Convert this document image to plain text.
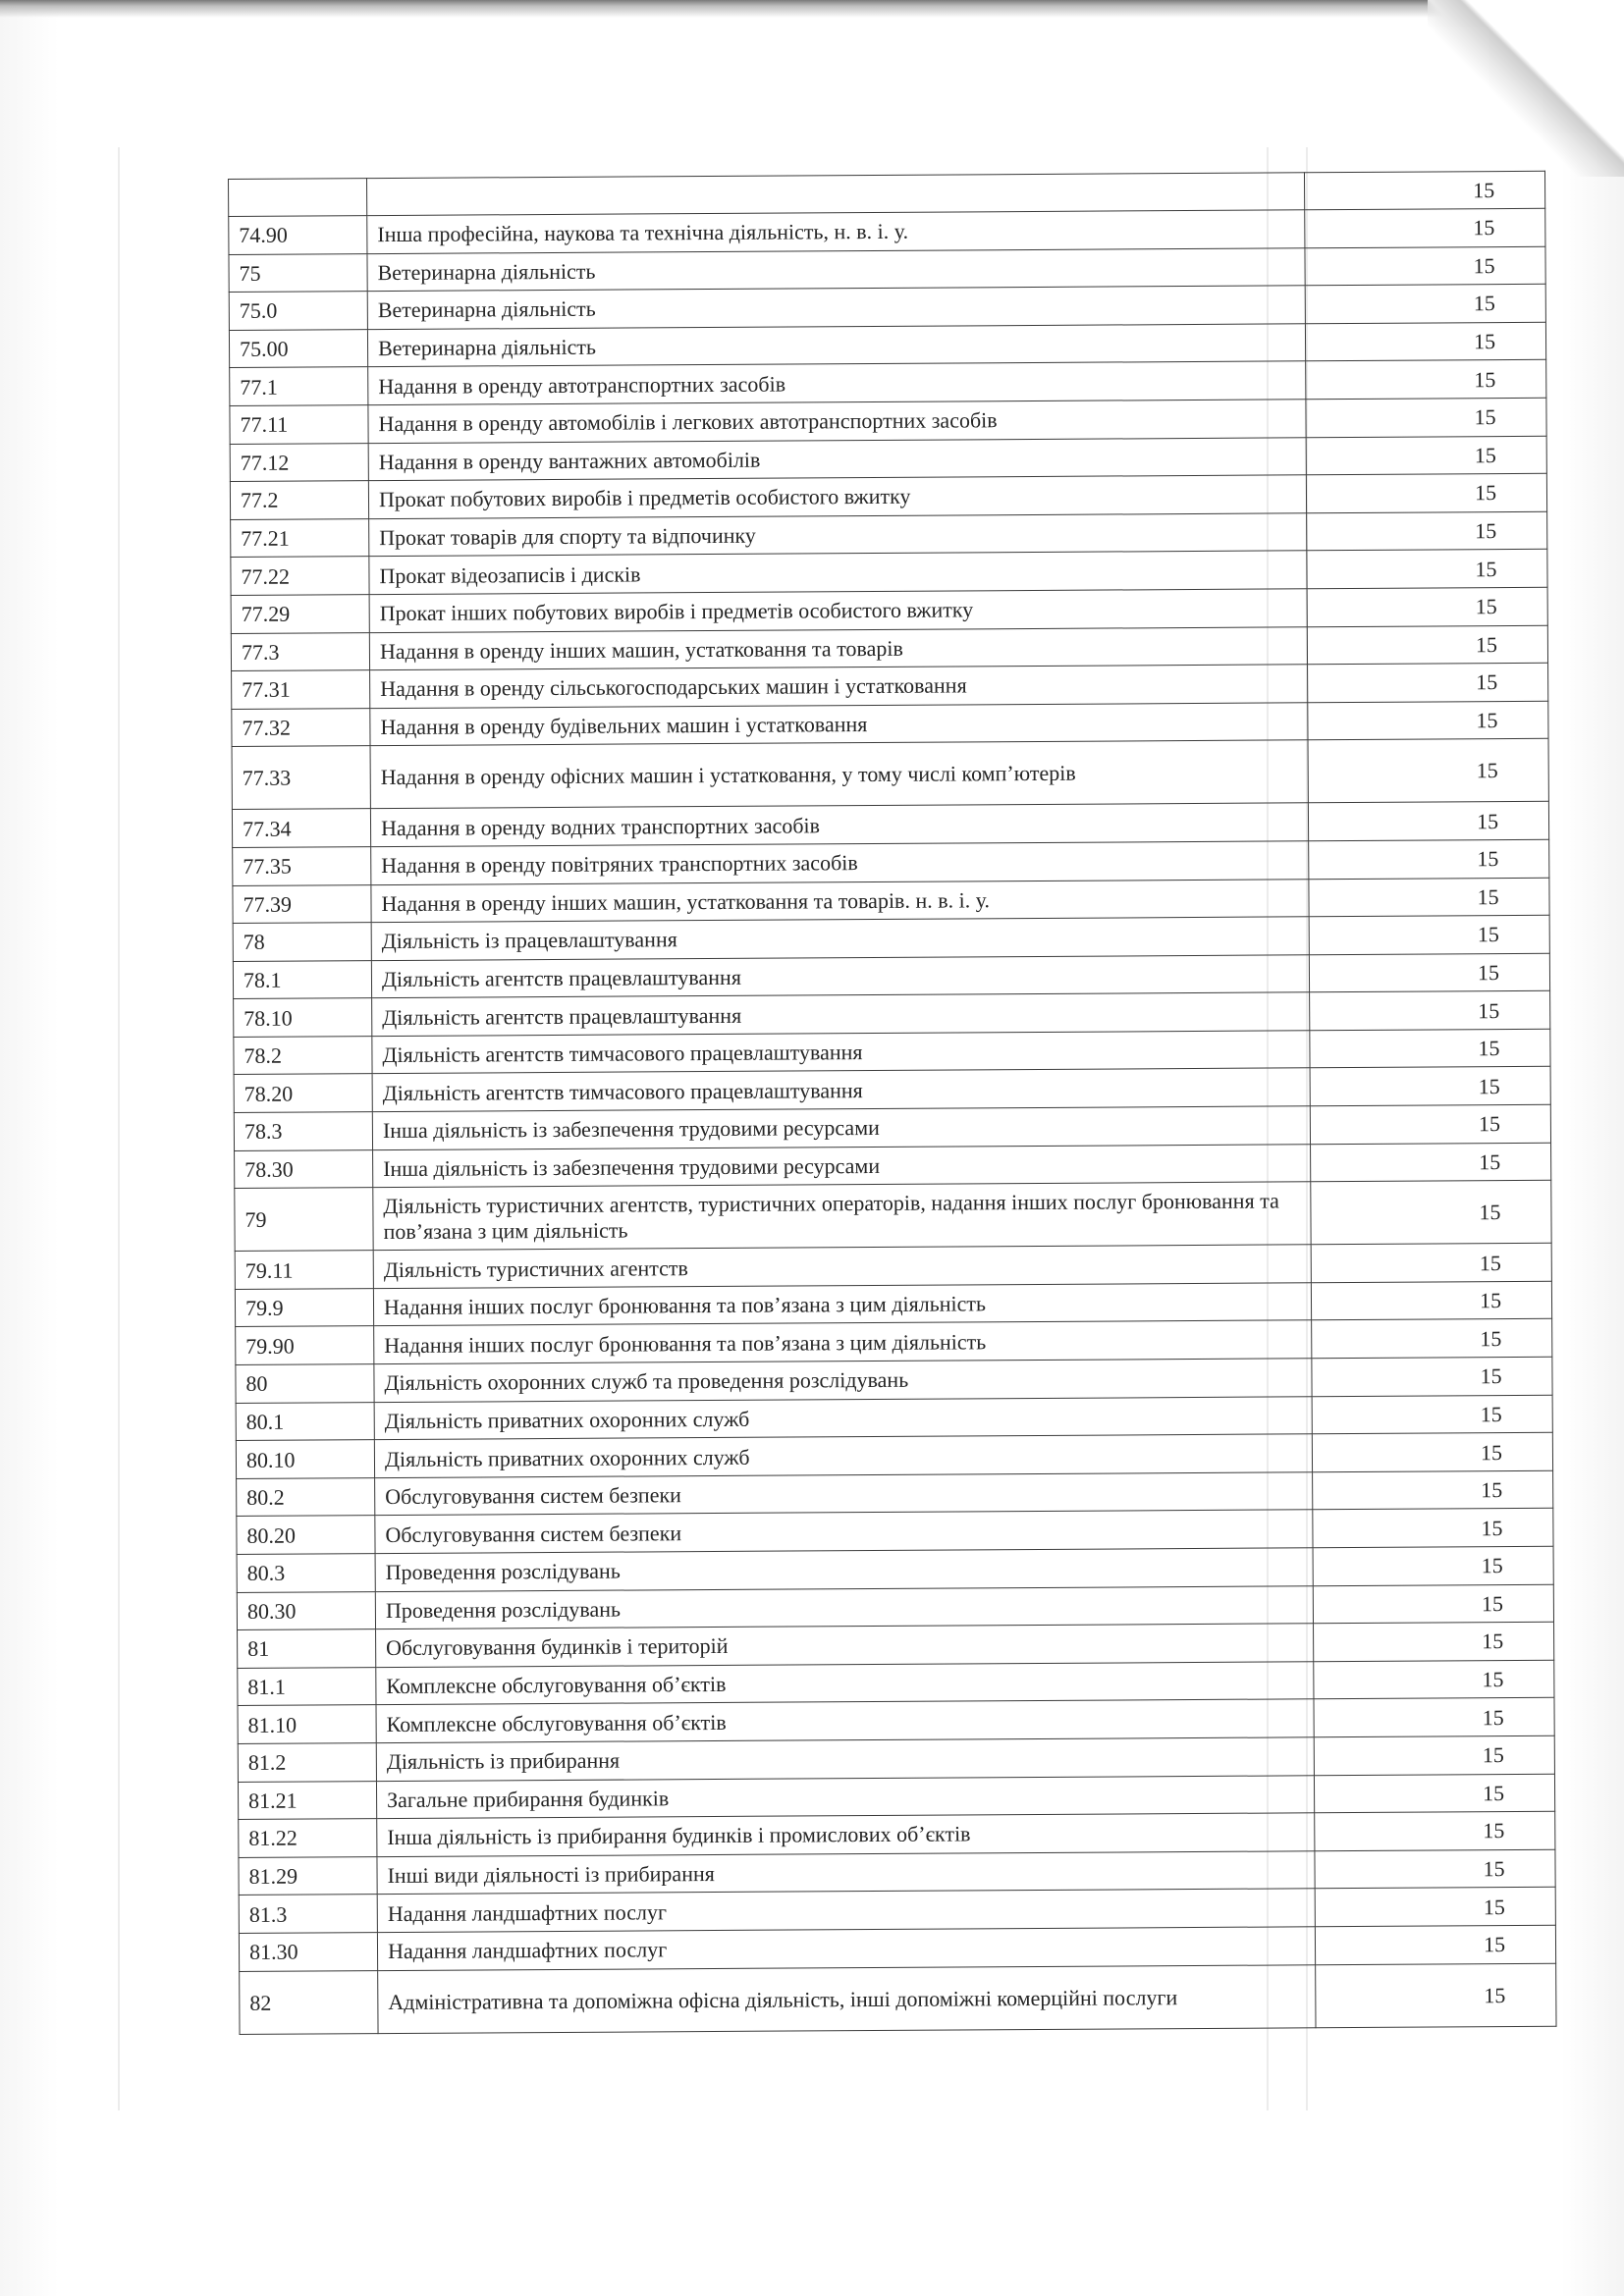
		15
74.90	Інша професійна, наукова та технічна діяльність, н. в. і. у.	15
75	Ветеринарна діяльність	15
75.0	Ветеринарна діяльність	15
75.00	Ветеринарна діяльність	15
77.1	Надання в оренду автотранспортних засобів	15
77.11	Надання в оренду автомобілів і легкових автотранспортних засобів	15
77.12	Надання в оренду вантажних автомобілів	15
77.2	Прокат побутових виробів і предметів особистого вжитку	15
77.21	Прокат товарів для спорту та відпочинку	15
77.22	Прокат відеозаписів і дисків	15
77.29	Прокат інших побутових виробів і предметів особистого вжитку	15
77.3	Надання в оренду інших машин, устатковання та товарів	15
77.31	Надання в оренду сільськогосподарських машин і устатковання	15
77.32	Надання в оренду будівельних машин і устатковання	15
77.33	Надання в оренду офісних машин і устатковання, у тому числі комп’ютерів	15
77.34	Надання в оренду водних транспортних засобів	15
77.35	Надання в оренду повітряних транспортних засобів	15
77.39	Надання в оренду інших машин, устатковання та товарів. н. в. і. у.	15
78	Діяльність із працевлаштування	15
78.1	Діяльність агентств працевлаштування	15
78.10	Діяльність агентств працевлаштування	15
78.2	Діяльність агентств тимчасового працевлаштування	15
78.20	Діяльність агентств тимчасового працевлаштування	15
78.3	Інша діяльність із забезпечення трудовими ресурсами	15
78.30	Інша діяльність із забезпечення трудовими ресурсами	15
79	Діяльність туристичних агентств, туристичних операторів, надання інших послуг бронювання та пов’язана з цим діяльність	15
79.11	Діяльність туристичних агентств	15
79.9	Надання інших послуг бронювання та пов’язана з цим діяльність	15
79.90	Надання інших послуг бронювання та пов’язана з цим діяльність	15
80	Діяльність охоронних служб та проведення розслідувань	15
80.1	Діяльність приватних охоронних служб	15
80.10	Діяльність приватних охоронних служб	15
80.2	Обслуговування систем безпеки	15
80.20	Обслуговування систем безпеки	15
80.3	Проведення розслідувань	15
80.30	Проведення розслідувань	15
81	Обслуговування будинків і територій	15
81.1	Комплексне обслуговування об’єктів	15
81.10	Комплексне обслуговування об’єктів	15
81.2	Діяльність із прибирання	15
81.21	Загальне прибирання будинків	15
81.22	Інша діяльність із прибирання будинків і промислових об’єктів	15
81.29	Інші види діяльності із прибирання	15
81.3	Надання ландшафтних послуг	15
81.30	Надання ландшафтних послуг	15
82	Адміністративна та допоміжна офісна діяльність, інші допоміжні комерційні послуги	15
